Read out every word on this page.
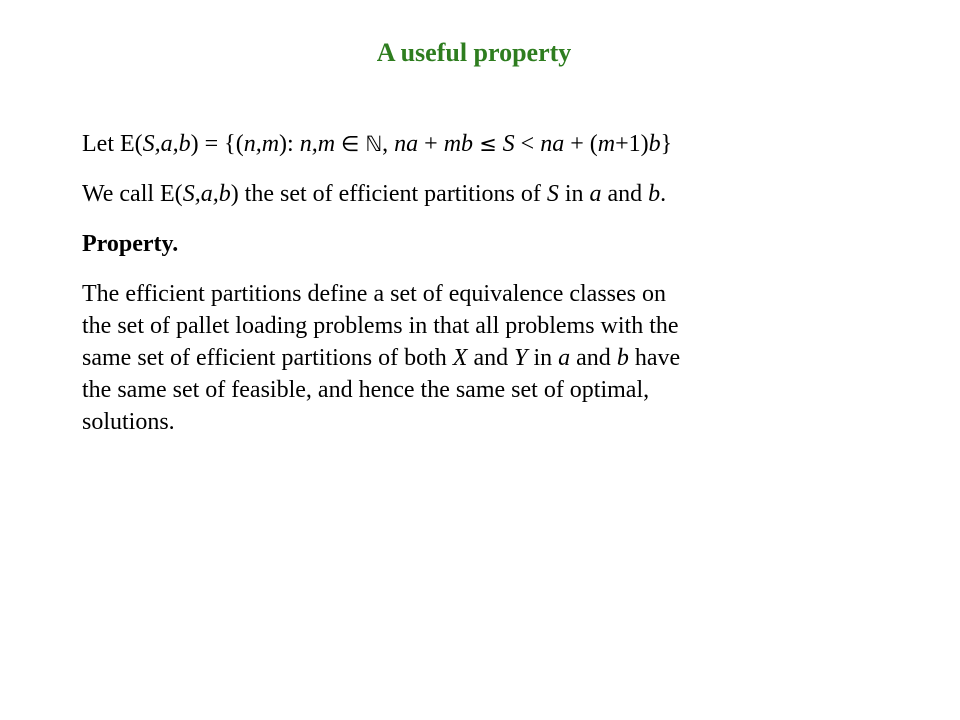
A useful property

Let E(S,a,b) = {(n,m): n,m ∈ ℕ, na + mb ≤ S < na + (m+1)b}

We call E(S,a,b) the set of efficient partitions of S in a and b.

Property.

The efficient partitions define a set of equivalence classes on
the set of pallet loading problems in that all problems with the
same set of efficient partitions of both X and Y in a and b have
the same set of feasible, and hence the same set of optimal,
solutions.
